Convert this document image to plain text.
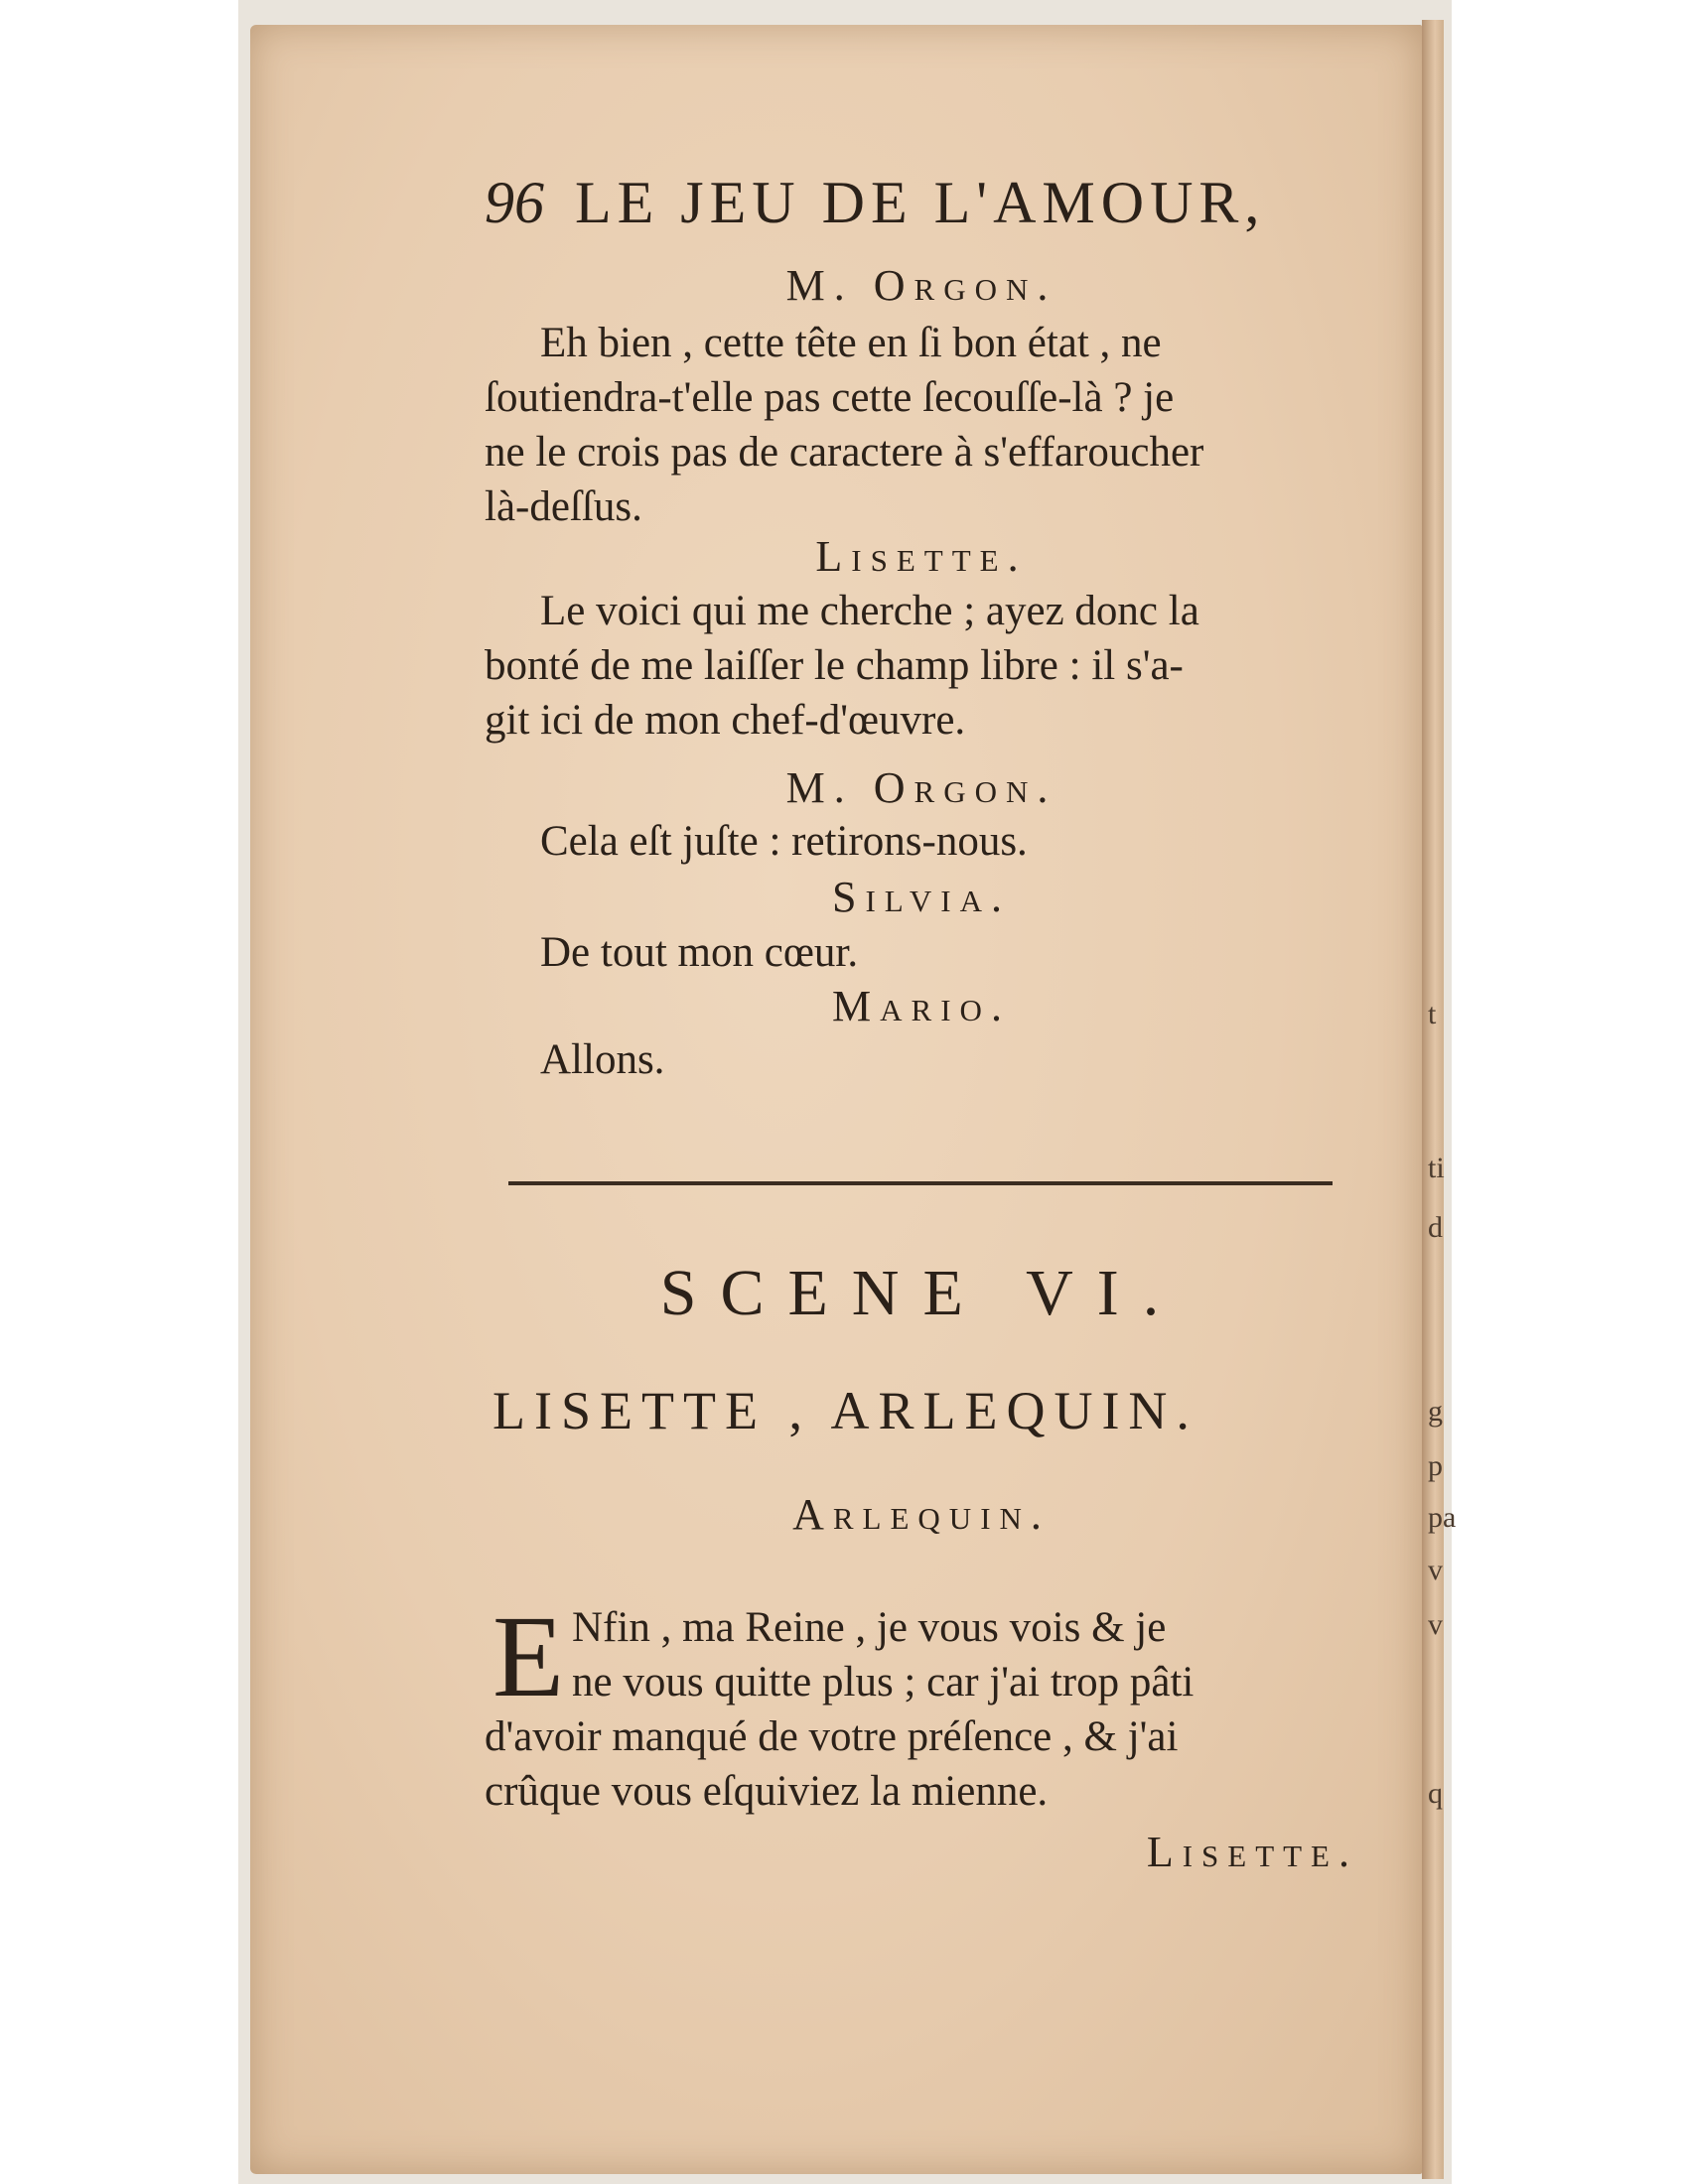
96 LE JEU DE L'AMOUR,
M. Orgon.
Eh bien , cette tête en ſi bon état , ne
ſoutiendra-t'elle pas cette ſecouſſe-là ? je
ne le crois pas de caractere à s'effaroucher
là-deſſus.
Lisette.
Le voici qui me cherche ; ayez donc la
bonté de me laiſſer le champ libre : il s'a-
git ici de mon chef-d'œuvre.
M. Orgon.
Cela eſt juſte : retirons-nous.
Silvia.
De tout mon cœur.
Mario.
Allons.
SCENE VI.
LISETTE , ARLEQUIN.
Arlequin.
E Nfin , ma Reine , je vous vois & je
ne vous quitte plus ; car j'ai trop pâti
d'avoir manqué de votre préſence , & j'ai
crûque vous eſquiviez la mienne.
Lisette.
t
ti
d
g
p
pa
v
v
q
